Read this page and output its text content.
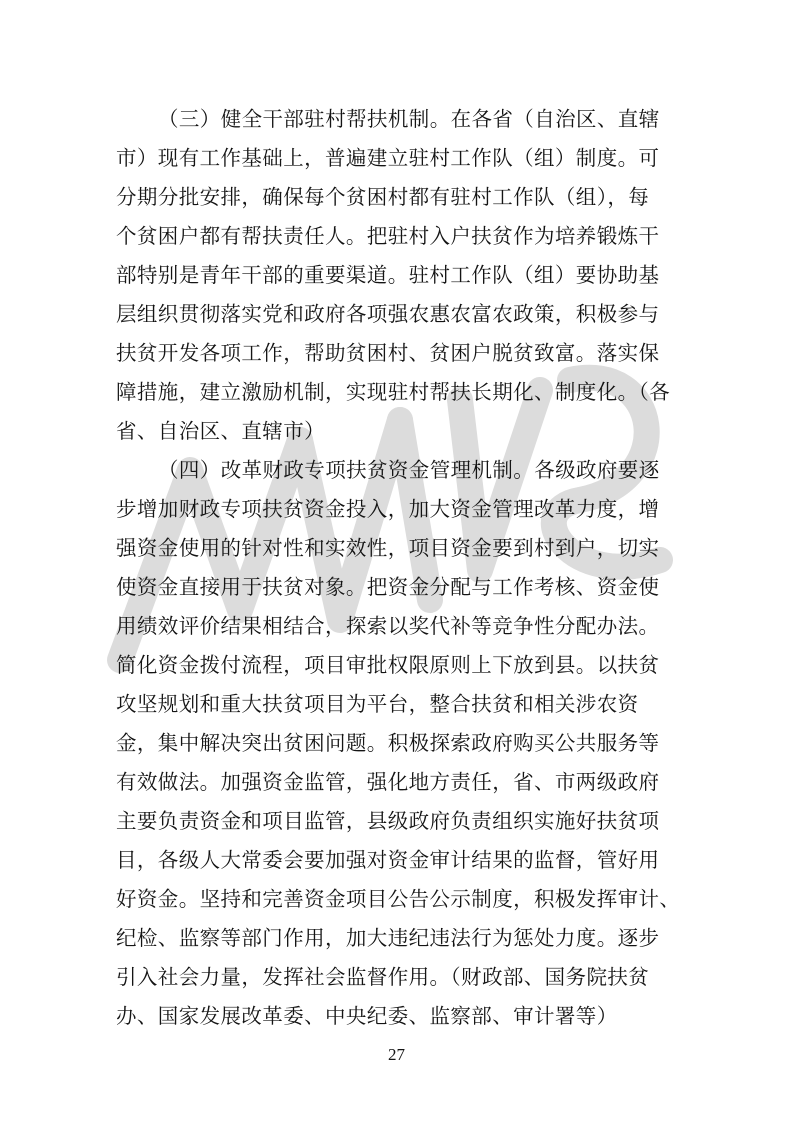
（三）健全干部驻村帮扶机制。在各省（自治区、直辖
市）现有工作基础上，普遍建立驻村工作队（组）制度。可
分期分批安排，确保每个贫困村都有驻村工作队（组），每
个贫困户都有帮扶责任人。把驻村入户扶贫作为培养锻炼干
部特别是青年干部的重要渠道。驻村工作队（组）要协助基
层组织贯彻落实党和政府各项强农惠农富农政策，积极参与
扶贫开发各项工作，帮助贫困村、贫困户脱贫致富。落实保
障措施，建立激励机制，实现驻村帮扶长期化、制度化。（各
省、自治区、直辖市）
（四）改革财政专项扶贫资金管理机制。各级政府要逐
步增加财政专项扶贫资金投入，加大资金管理改革力度，增
强资金使用的针对性和实效性，项目资金要到村到户，切实
使资金直接用于扶贫对象。把资金分配与工作考核、资金使
用绩效评价结果相结合，探索以奖代补等竞争性分配办法。
简化资金拨付流程，项目审批权限原则上下放到县。以扶贫
攻坚规划和重大扶贫项目为平台，整合扶贫和相关涉农资
金，集中解决突出贫困问题。积极探索政府购买公共服务等
有效做法。加强资金监管，强化地方责任，省、市两级政府
主要负责资金和项目监管，县级政府负责组织实施好扶贫项
目，各级人大常委会要加强对资金审计结果的监督，管好用
好资金。坚持和完善资金项目公告公示制度，积极发挥审计、
纪检、监察等部门作用，加大违纪违法行为惩处力度。逐步
引入社会力量，发挥社会监督作用。（财政部、国务院扶贫
办、国家发展改革委、中央纪委、监察部、审计署等）
27
